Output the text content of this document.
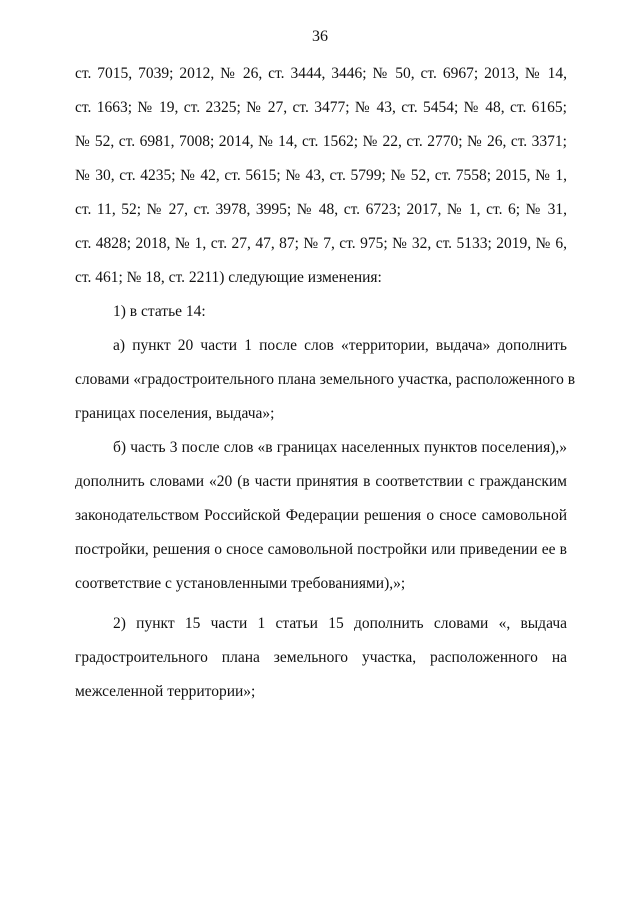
36
ст. 7015, 7039; 2012, № 26, ст. 3444, 3446; № 50, ст. 6967; 2013, № 14,
ст. 1663; № 19, ст. 2325; № 27, ст. 3477; № 43, ст. 5454; № 48, ст. 6165;
№ 52, ст. 6981, 7008; 2014, № 14, ст. 1562; № 22, ст. 2770; № 26, ст. 3371;
№ 30, ст. 4235; № 42, ст. 5615; № 43, ст. 5799; № 52, ст. 7558; 2015, № 1,
ст. 11, 52; № 27, ст. 3978, 3995; № 48, ст. 6723; 2017, № 1, ст. 6; № 31,
ст. 4828; 2018, № 1, ст. 27, 47, 87; № 7, ст. 975; № 32, ст. 5133; 2019, № 6,
ст. 461; № 18, ст. 2211) следующие изменения:
1) в статье 14:
а) пункт 20 части 1 после слов «территории, выдача» дополнить
словами «градостроительного плана земельного участка, расположенного в
границах поселения, выдача»;
б) часть 3 после слов «в границах населенных пунктов поселения),»
дополнить словами «20 (в части принятия в соответствии с гражданским
законодательством Российской Федерации решения о сносе самовольной
постройки, решения о сносе самовольной постройки или приведении ее в
соответствие с установленными требованиями),»;
2) пункт 15 части 1 статьи 15 дополнить словами «, выдача
градостроительного плана земельного участка, расположенного на
межселенной территории»;
